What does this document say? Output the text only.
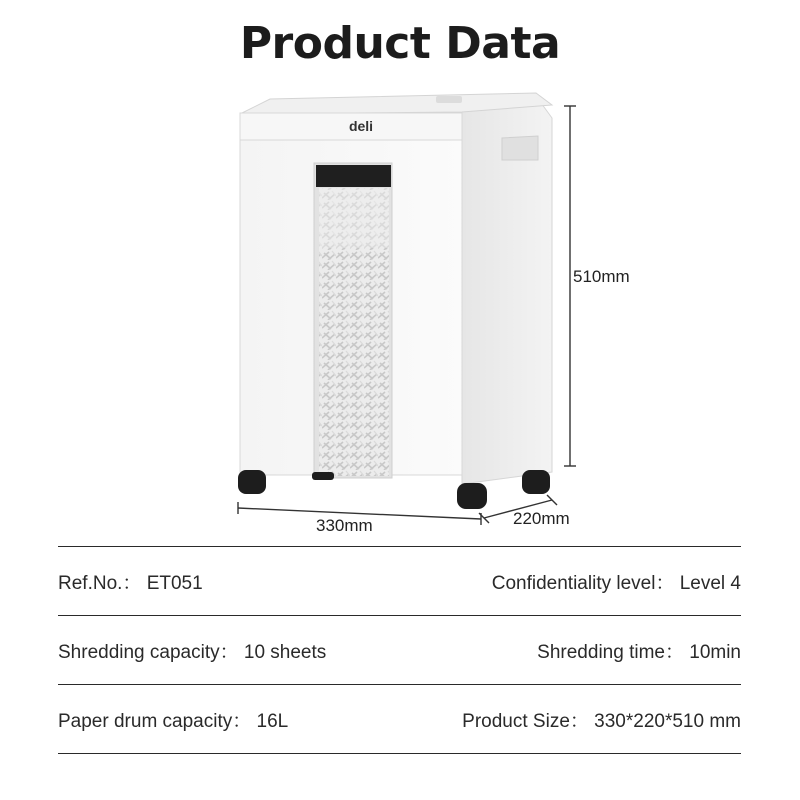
Product Data
deli
510mm
330mm	220mm
Ref.No.： ET051	Confidentiality level： Level 4
Shredding capacity： 10 sheets	Shredding time： 10min
Paper drum capacity： 16L	Product Size： 330*220*510 mm
